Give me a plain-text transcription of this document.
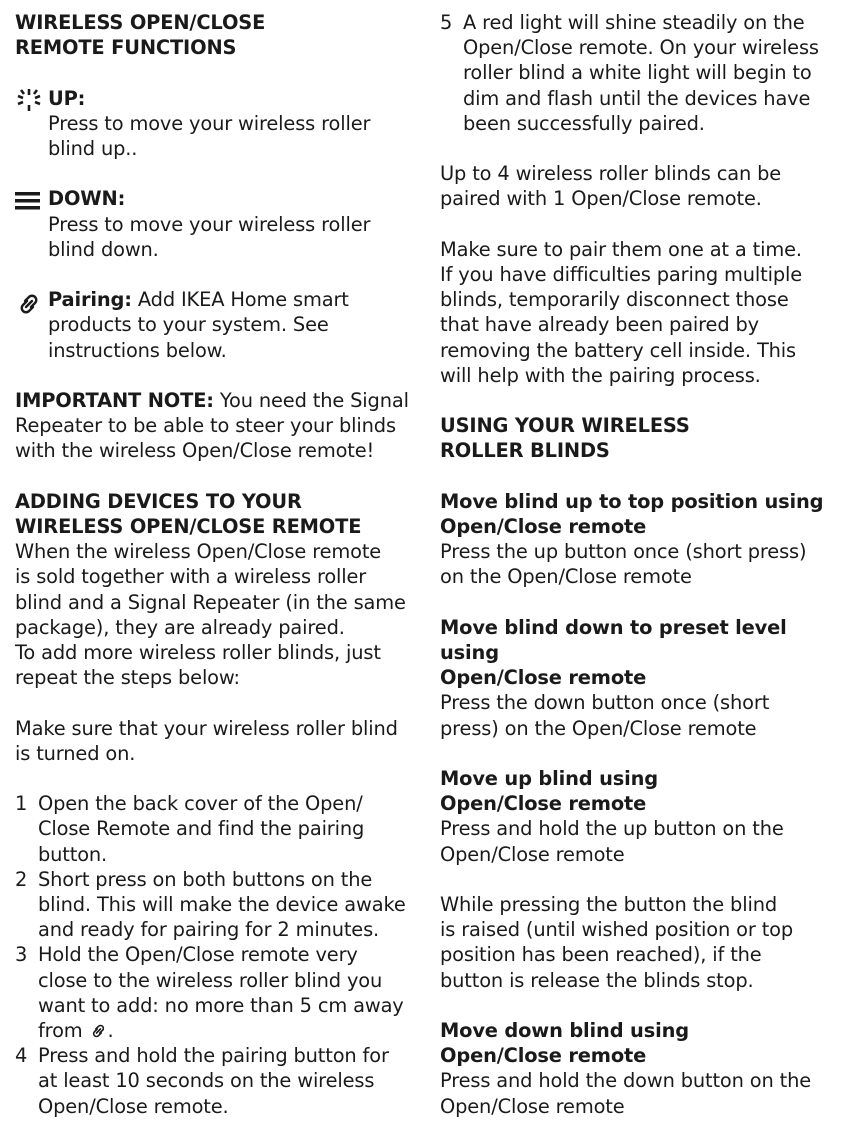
WIRELESS OPEN/CLOSE
REMOTE FUNCTIONS

UP:

Press to move your wireless roller
blind up..

DOWN:

Press to move your wireless roller
blind down.

Pairing: Add IKEA Home smart
products to your system. See
instructions below.

IMPORTANT NOTE: You need the Signal
Repeater to be able to steer your blinds
with the wireless Open/Close remote!

ADDING DEVICES TO YOUR
WIRELESS OPEN/CLOSE REMOTE

When the wireless Open/Close remote
is sold together with a wireless roller
blind and a Signal Repeater (in the same
package), they are already paired.
To add more wireless roller blinds, just
repeat the steps below:

Make sure that your wireless roller blind
is turned on.

1 Open the back cover of the Open/
Close Remote and find the pairing
button.

2 Short press on both buttons on the
blind. This will make the device awake
and ready for pairing for 2 minutes.

3 Hold the Open/Close remote very
close to the wireless roller blind you
want to add: no more than 5 cm away
from .
4 Press and hold the pairing button for
at least 10 seconds on the wireless
Open/Close remote.

5 A red light will shine steadily on the
Open/Close remote. On your wireless
roller blind a white light will begin to
dim and flash until the devices have
been successfully paired.

Up to 4 wireless roller blinds can be
paired with 1 Open/Close remote.

Make sure to pair them one at a time.
If you have difficulties paring multiple
blinds, temporarily disconnect those
that have already been paired by
removing the battery cell inside. This
will help with the pairing process.

USING YOUR WIRELESS
ROLLER BLINDS

Move blind up to top position using
Open/Close remote

Press the up button once (short press)
on the Open/Close remote

Move blind down to preset level using
Open/Close remote

Press the down button once (short
press) on the Open/Close remote

Move up blind using
Open/Close remote

Press and hold the up button on the
Open/Close remote

While pressing the button the blind
is raised (until wished position or top
position has been reached), if the
button is release the blinds stop.

Move down blind using
Open/Close remote

Press and hold the down button on the
Open/Close remote
